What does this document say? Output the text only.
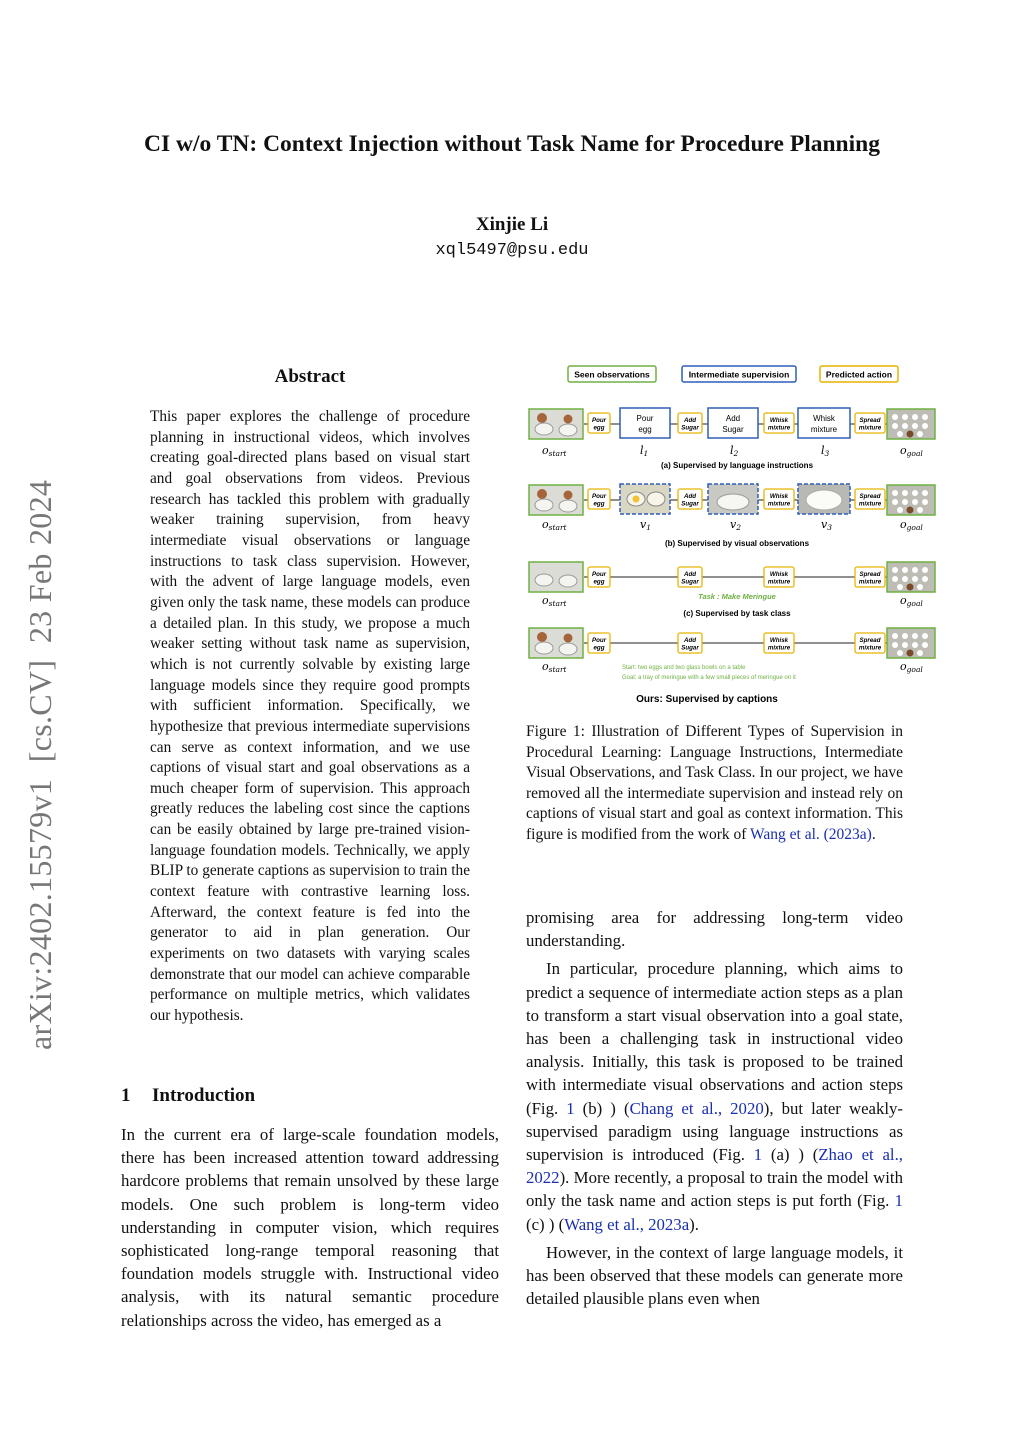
CI w/o TN: Context Injection without Task Name for Procedure Planning
Xinjie Li
xql5497@psu.edu
arXiv:2402.15579v1  [cs.CV]  23 Feb 2024
Abstract
This paper explores the challenge of procedure planning in instructional videos, which involves creating goal-directed plans based on visual start and goal observations from videos. Previous research has tackled this problem with gradually weaker training supervision, from heavy intermediate visual observations or language instructions to task class supervision. However, with the advent of large language models, even given only the task name, these models can produce a detailed plan. In this study, we propose a much weaker setting without task name as supervision, which is not currently solvable by existing large language models since they require good prompts with sufficient information. Specifically, we hypothesize that previous intermediate supervisions can serve as context information, and we use captions of visual start and goal observations as a much cheaper form of supervision. This approach greatly reduces the labeling cost since the captions can be easily obtained by large pre-trained vision-language foundation models. Technically, we apply BLIP to generate captions as supervision to train the context feature with contrastive learning loss. Afterward, the context feature is fed into the generator to aid in plan generation. Our experiments on two datasets with varying scales demonstrate that our model can achieve comparable performance on multiple metrics, which validates our hypothesis.
1 Introduction
In the current era of large-scale foundation models, there has been increased attention toward addressing hardcore problems that remain unsolved by these large models. One such problem is long-term video understanding in computer vision, which requires sophisticated long-range temporal reasoning that foundation models struggle with. Instructional video analysis, with its natural semantic procedure relationships across the video, has emerged as a
Seen observations	Intermediate supervision	Predicted action
Pour
egg
Pour
egg
Add
Sugar
Add
Sugar
Whisk
mixture
Whisk
mixture
Spread
mixture
ostart	l1	l2	l3	ogoal
(a) Supervised by language instructions
Pour
egg
Add
Sugar
Whisk
mixture
Spread
mixture
ostart	v1	v2	v3	ogoal
(b) Supervised by visual observations
Pour
egg
Add
Sugar
Whisk
mixture
Spread
mixture
Task : Make Meringue
ostart	ogoal
(c) Supervised by task class
Pour
egg
Add
Sugar
Whisk
mixture
Spread
mixture
ostart	ogoal
Start: two eggs and two glass bowls on a table
Goal: a tray of meringue with a few small pieces of meringue on it
Ours: Supervised by captions
Figure 1: Illustration of Different Types of Supervision in Procedural Learning: Language Instructions, Intermediate Visual Observations, and Task Class. In our project, we have removed all the intermediate supervision and instead rely on captions of visual start and goal as context information. This figure is modified from the work of Wang et al. (2023a).

promising area for addressing long-term video understanding.

In particular, procedure planning, which aims to predict a sequence of intermediate action steps as a plan to transform a start visual observation into a goal state, has been a challenging task in instructional video analysis. Initially, this task is proposed to be trained with intermediate visual observations and action steps (Fig. 1 (b) ) (Chang et al., 2020), but later weakly-supervised paradigm using language instructions as supervision is introduced (Fig. 1 (a) ) (Zhao et al., 2022). More recently, a proposal to train the model with only the task name and action steps is put forth (Fig. 1 (c) ) (Wang et al., 2023a).

However, in the context of large language models, it has been observed that these models can generate more detailed plausible plans even when
